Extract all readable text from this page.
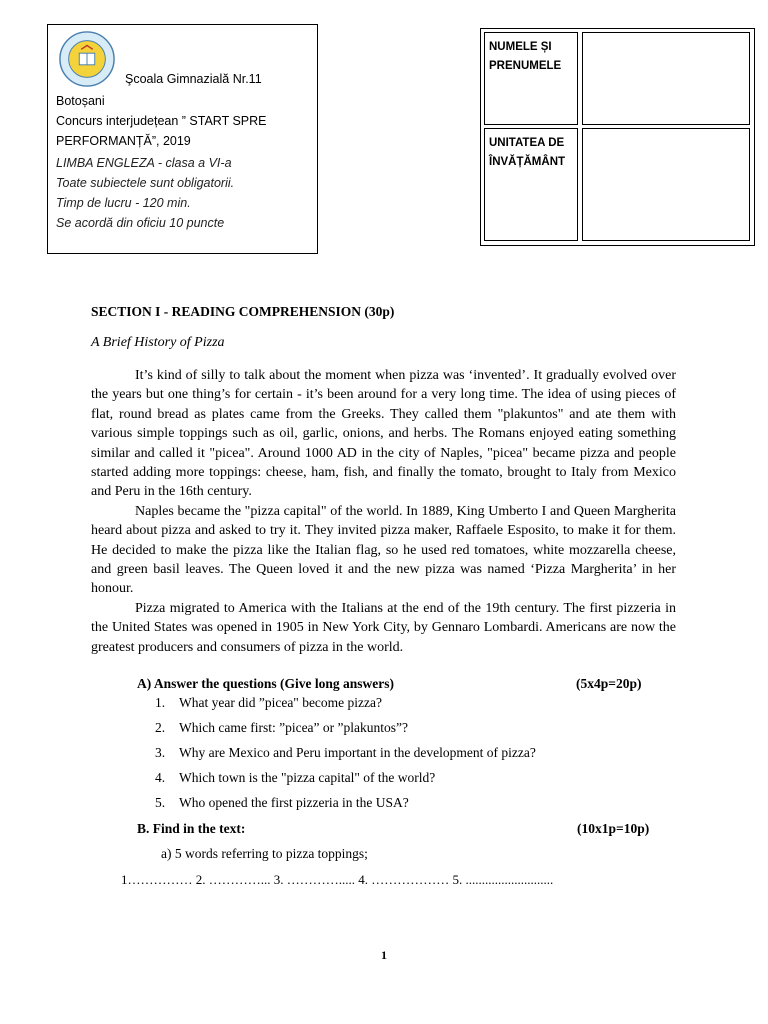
Şcoala Gimnazială Nr.11
Botoșani
Concurs interjudețean ” START SPRE
PERFORMANȚĂ”, 2019
LIMBA ENGLEZA - clasa a VI-a
Toate subiectele sunt obligatorii.
Timp de lucru - 120 min.
Se acordă din oficiu 10 puncte
NUMELE ȘI PRENUMELE
UNITATEA DE ÎNVĂȚĂMÂNT
SECTION I - READING COMPREHENSION (30p)
A Brief History of Pizza

It’s kind of silly to talk about the moment when pizza was ‘invented’. It gradually evolved over the years but one thing’s for certain - it’s been around for a very long time. The idea of using pieces of flat, round bread as plates came from the Greeks. They called them "plakuntos" and ate them with various simple toppings such as oil, garlic, onions, and herbs. The Romans enjoyed eating something similar and called it "picea". Around 1000 AD in the city of Naples, "picea" became pizza and people started adding more toppings: cheese, ham, fish, and finally the tomato, brought to Italy from Mexico and Peru in the 16th century.

Naples became the "pizza capital" of the world. In 1889, King Umberto I and Queen Margherita heard about pizza and asked to try it. They invited pizza maker, Raffaele Esposito, to make it for them. He decided to make the pizza like the Italian flag, so he used red tomatoes, white mozzarella cheese, and green basil leaves. The Queen loved it and the new pizza was named ‘Pizza Margherita’ in her honour.

Pizza migrated to America with the Italians at the end of the 19th century. The first pizzeria in the United States was opened in 1905 in New York City, by Gennaro Lombardi. Americans are now the greatest producers and consumers of pizza in the world.

A) Answer the questions (Give long answers)	(5x4p=20p)
1. What year did ”picea" become pizza?
2. Which came first: ”picea” or ”plakuntos”?
3. Why are Mexico and Peru important in the development of pizza?
4. Which town is the "pizza capital" of the world?
5. Who opened the first pizzeria in the USA?
B. Find in the text:	(10x1p=10p)
a) 5 words referring to pizza toppings;
1…………… 2. …………... 3. …………..... 4. ……………… 5. ...........................
1
